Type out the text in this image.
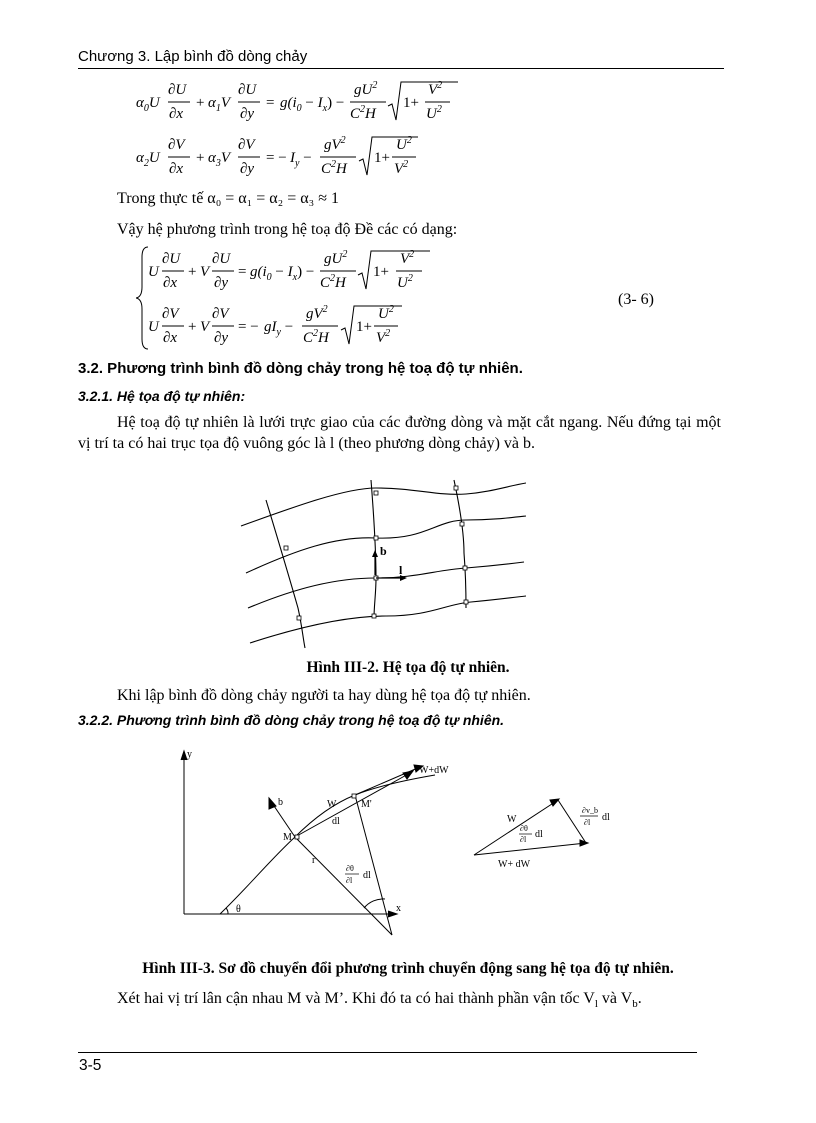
Chương 3. Lập bình đồ dòng chảy
$\alpha_0U$
∂U
∂x
+ $\alpha_1V$
∂U
∂y
= $g(i_0 - I_x)$ −
$gU^2$
$C^2H$
1+
$V^2$
$U^2$
$\alpha_2U$
∂V
∂x
+ $\alpha_3V$
∂V
∂y
= − $I_y$ −
$gV^2$
$C^2H$
1+
$U^2$
$V^2$
Trong thực tế α₀ = α₁ = α₂ = α₃ ≈ 1
Vậy hệ phương trình trong hệ toạ độ Đề các có dạng:
U
∂U
∂x
+ V
∂U
∂y
= $g(i_0 - I_x)$ −
$gU^2$
$C^2H$
1+
$V^2$
$U^2$
U
∂V
∂x
+ V
∂V
∂y
= − $gI_y$ −
$gV^2$
$C^2H$
1+
$U^2$
$V^2$
(3- 6)
3.2. Phương trình bình đồ dòng chảy trong hệ toạ độ tự nhiên.
3.2.1. Hệ tọa độ tự nhiên:
Hệ toạ độ tự nhiên là lưới trực giao của các đường dòng và mặt cắt ngang. Nếu đứng tại một vị trí ta có hai trục tọa độ vuông góc là l (theo phương dòng chảy) và b.
b
l
Hình III-2. Hệ tọa độ tự nhiên.
Khi lập bình đồ dòng chảy người ta hay dùng hệ tọa độ tự nhiên.
3.2.2. Phương trình bình đồ dòng chảy trong hệ toạ độ tự nhiên.
y
x
b	W
M
M'
dl
r
θ
W+dW
∂θ
∂l dl
W
W+ dW
∂θ
∂l dl
∂v_b
∂l dl
Hình III-3. Sơ đồ chuyển đổi phương trình chuyển động sang hệ tọa độ tự nhiên.
Xét hai vị trí lân cận nhau M và M’. Khi đó ta có hai thành phần vận tốc $V_l$ và $V_b$.
3-5
